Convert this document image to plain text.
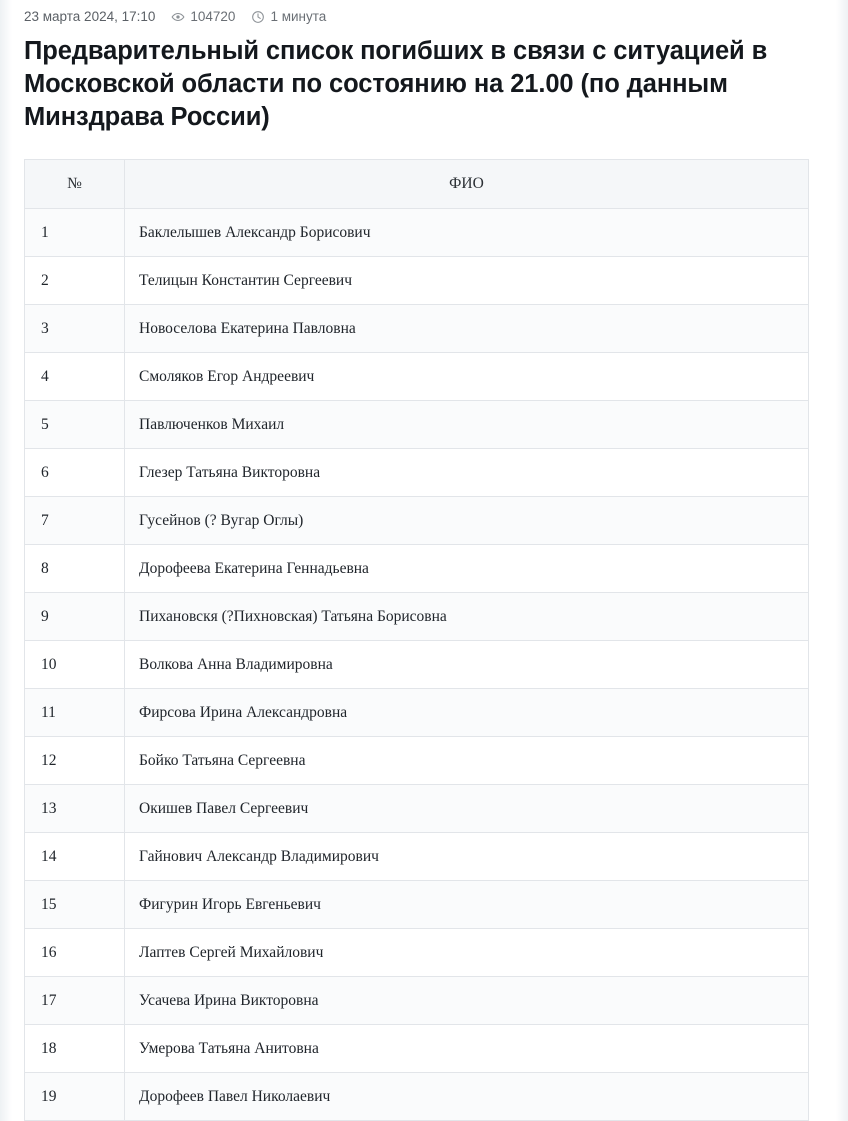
23 марта 2024, 17:10	104720	1 минута
Предварительный список погибших в связи с ситуацией в Московской области по состоянию на 21.00 (по данным Минздрава России)
№	ФИО
1	Баклелышев Александр Борисович
2	Телицын Константин Сергеевич
3	Новоселова Екатерина Павловна
4	Смоляков Егор Андреевич
5	Павлюченков Михаил
6	Глезер Татьяна Викторовна
7	Гусейнов (? Вугар Оглы)
8	Дорофеева Екатерина Геннадьевна
9	Пихановскя (?Пихновская) Татьяна Борисовна
10	Волкова Анна Владимировна
11	Фирсова Ирина Александровна
12	Бойко Татьяна Сергеевна
13	Окишев Павел Сергеевич
14	Гайнович Александр Владимирович
15	Фигурин Игорь Евгеньевич
16	Лаптев Сергей Михайлович
17	Усачева Ирина Викторовна
18	Умерова Татьяна Анитовна
19	Дорофеев Павел Николаевич
